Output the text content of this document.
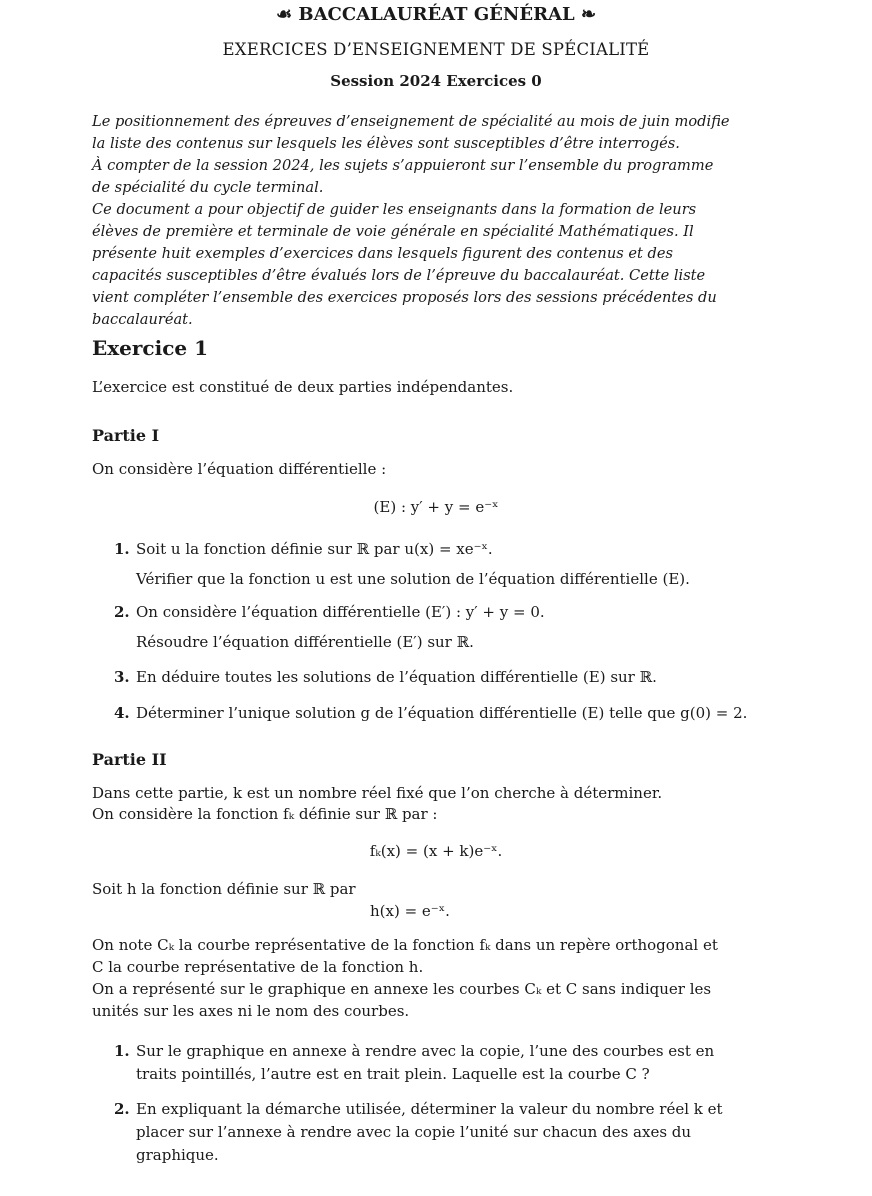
☙ BACCALAURÉAT GÉNÉRAL ❧
EXERCICES D’ENSEIGNEMENT DE SPÉCIALITÉ
Session 2024 Exercices 0

Le positionnement des épreuves d’enseignement de spécialité au mois de juin modifie la liste des contenus sur lesquels les élèves sont susceptibles d’être interrogés.

À compter de la session 2024, les sujets s’appuieront sur l’ensemble du programme de spécialité du cycle terminal.

Ce document a pour objectif de guider les enseignants dans la formation de leurs élèves de première et terminale de voie générale en spécialité Mathématiques. Il présente huit exemples d’exercices dans lesquels figurent des contenus et des capacités susceptibles d’être évalués lors de l’épreuve du baccalauréat. Cette liste vient compléter l’ensemble des exercices proposés lors des sessions précédentes du baccalauréat.

Exercice 1
L’exercice est constitué de deux parties indépendantes.
Partie I
On considère l’équation différentielle :
(E) : y′ + y = e⁻ˣ
1. Soit u la fonction définie sur ℝ par u(x) = xe⁻ˣ.
Vérifier que la fonction u est une solution de l’équation différentielle (E).
2. On considère l’équation différentielle (E′) : y′ + y = 0.
Résoudre l’équation différentielle (E′) sur ℝ.
3. En déduire toutes les solutions de l’équation différentielle (E) sur ℝ.
4. Déterminer l’unique solution g de l’équation différentielle (E) telle que g(0) = 2.
Partie II
Dans cette partie, k est un nombre réel fixé que l’on cherche à déterminer.
On considère la fonction fₖ définie sur ℝ par :
fₖ(x) = (x + k)e⁻ˣ.
Soit h la fonction définie sur ℝ par
h(x) = e⁻ˣ.

On note Cₖ la courbe représentative de la fonction fₖ dans un repère orthogonal et C la courbe représentative de la fonction h.

On a représenté sur le graphique en annexe les courbes Cₖ et C sans indiquer les unités sur les axes ni le nom des courbes.

1. Sur le graphique en annexe à rendre avec la copie, l’une des courbes est en traits pointillés, l’autre est en trait plein. Laquelle est la courbe C ?
2. En expliquant la démarche utilisée, déterminer la valeur du nombre réel k et placer sur l’annexe à rendre avec la copie l’unité sur chacun des axes du graphique.
